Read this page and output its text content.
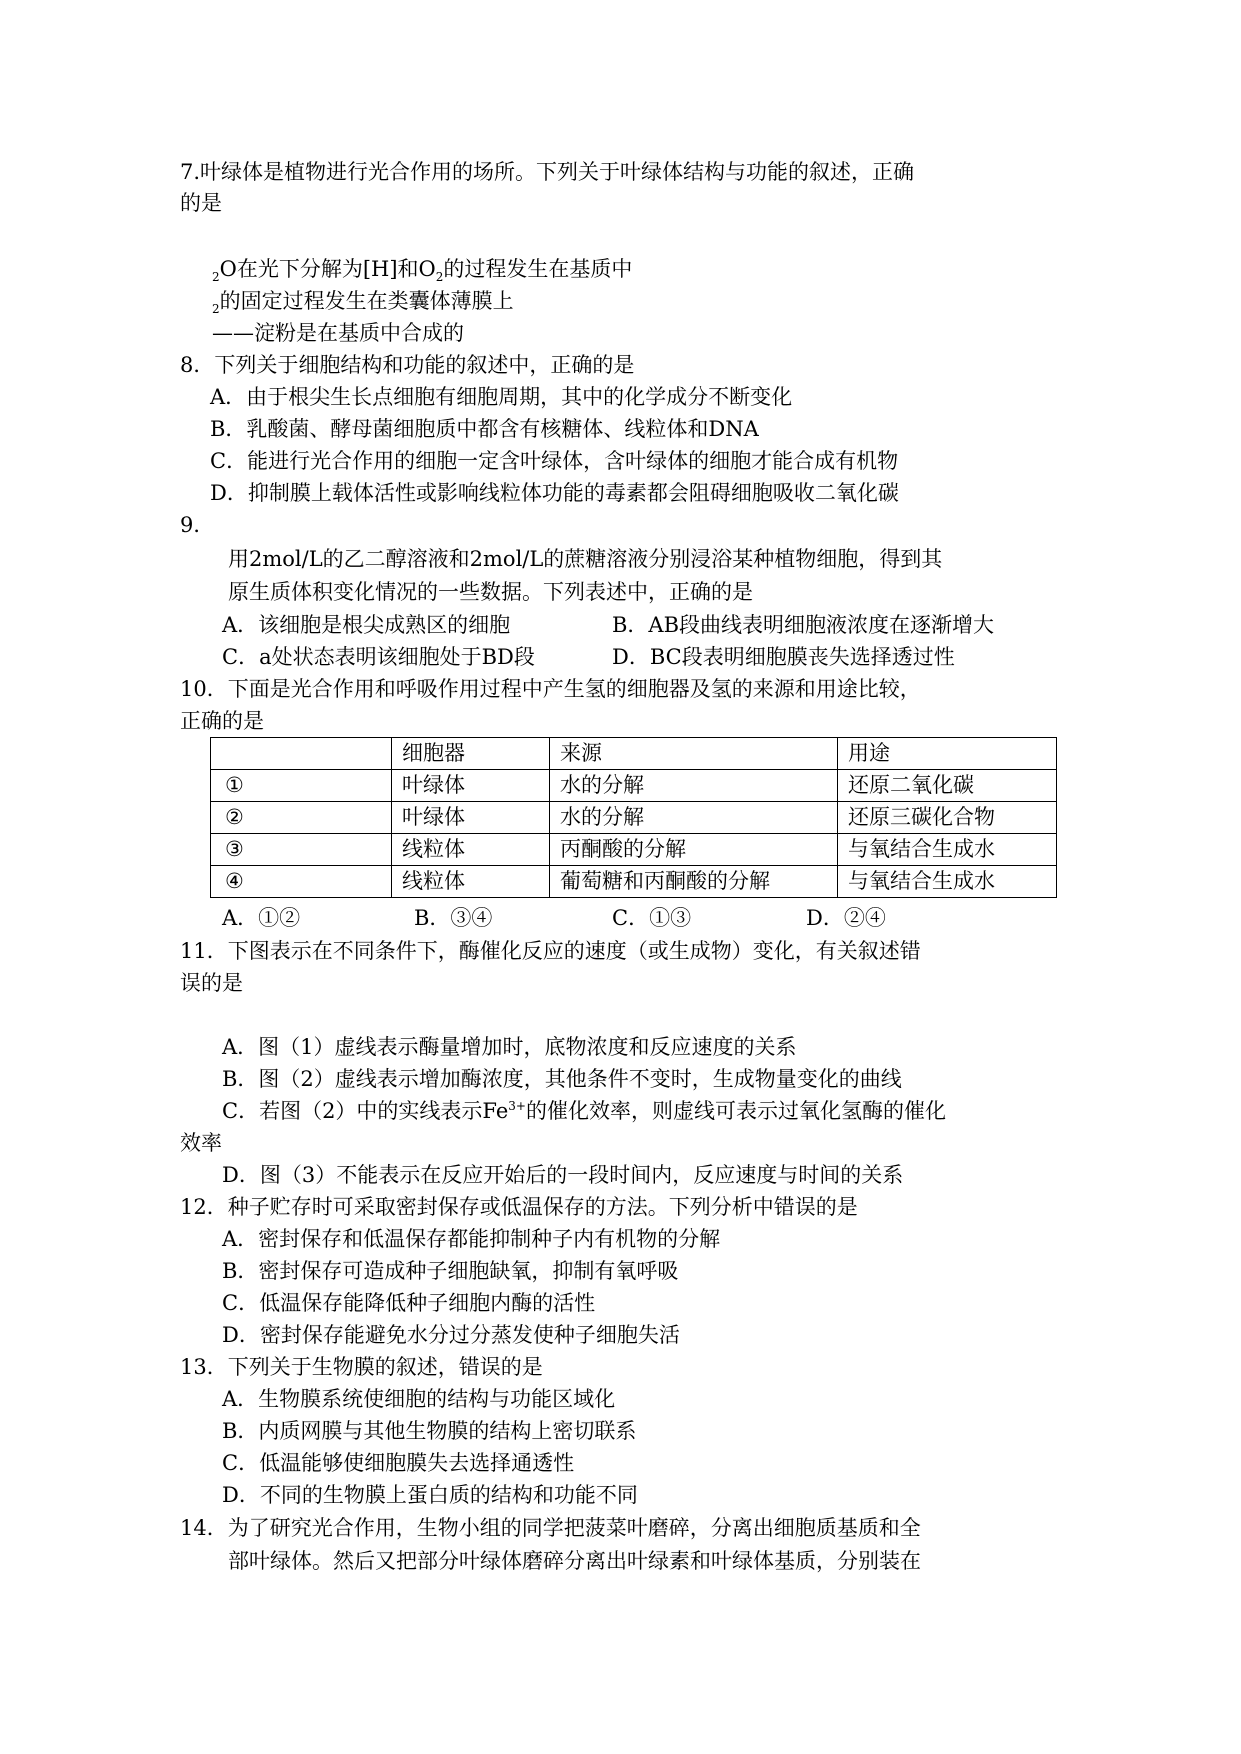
7.叶绿体是植物进行光合作用的场所。下列关于叶绿体结构与功能的叙述，正确
的是
$_2$O在光下分解为[H]和$O_2$的过程发生在基质中
$_2$的固定过程发生在类囊体薄膜上
——淀粉是在基质中合成的
8．下列关于细胞结构和功能的叙述中，正确的是
A．由于根尖生长点细胞有细胞周期，其中的化学成分不断变化
B．乳酸菌、酵母菌细胞质中都含有核糖体、线粒体和DNA
C．能进行光合作用的细胞一定含叶绿体，含叶绿体的细胞才能合成有机物
D．抑制膜上载体活性或影响线粒体功能的毒素都会阻碍细胞吸收二氧化碳
9．
用2mol/L的乙二醇溶液和2mol/L的蔗糖溶液分别浸浴某种植物细胞，得到其
原生质体积变化情况的一些数据。下列表述中，正确的是
A．该细胞是根尖成熟区的细胞	B．AB段曲线表明细胞液浓度在逐渐增大
C．a处状态表明该细胞处于BD段	D．BC段表明细胞膜丧失选择透过性
10．下面是光合作用和呼吸作用过程中产生氢的细胞器及氢的来源和用途比较，
正确的是
	细胞器	来源	用途
①	叶绿体	水的分解	还原二氧化碳
②	叶绿体	水的分解	还原三碳化合物
③	线粒体	丙酮酸的分解	与氧结合生成水
④	线粒体	葡萄糖和丙酮酸的分解	与氧结合生成水
A．①②	B．③④	C．①③	D．②④
11．下图表示在不同条件下，酶催化反应的速度（或生成物）变化，有关叙述错
误的是
A．图（1）虚线表示酶量增加时，底物浓度和反应速度的关系
B．图（2）虚线表示增加酶浓度，其他条件不变时，生成物量变化的曲线
C．若图（2）中的实线表示$Fe^{3+}$的催化效率，则虚线可表示过氧化氢酶的催化
效率
D．图（3）不能表示在反应开始后的一段时间内，反应速度与时间的关系
12．种子贮存时可采取密封保存或低温保存的方法。下列分析中错误的是
A．密封保存和低温保存都能抑制种子内有机物的分解
B．密封保存可造成种子细胞缺氧，抑制有氧呼吸
C．低温保存能降低种子细胞内酶的活性
D．密封保存能避免水分过分蒸发使种子细胞失活
13．下列关于生物膜的叙述，错误的是
A．生物膜系统使细胞的结构与功能区域化
B．内质网膜与其他生物膜的结构上密切联系
C．低温能够使细胞膜失去选择通透性
D．不同的生物膜上蛋白质的结构和功能不同
14．为了研究光合作用，生物小组的同学把菠菜叶磨碎，分离出细胞质基质和全
部叶绿体。然后又把部分叶绿体磨碎分离出叶绿素和叶绿体基质，分别装在
